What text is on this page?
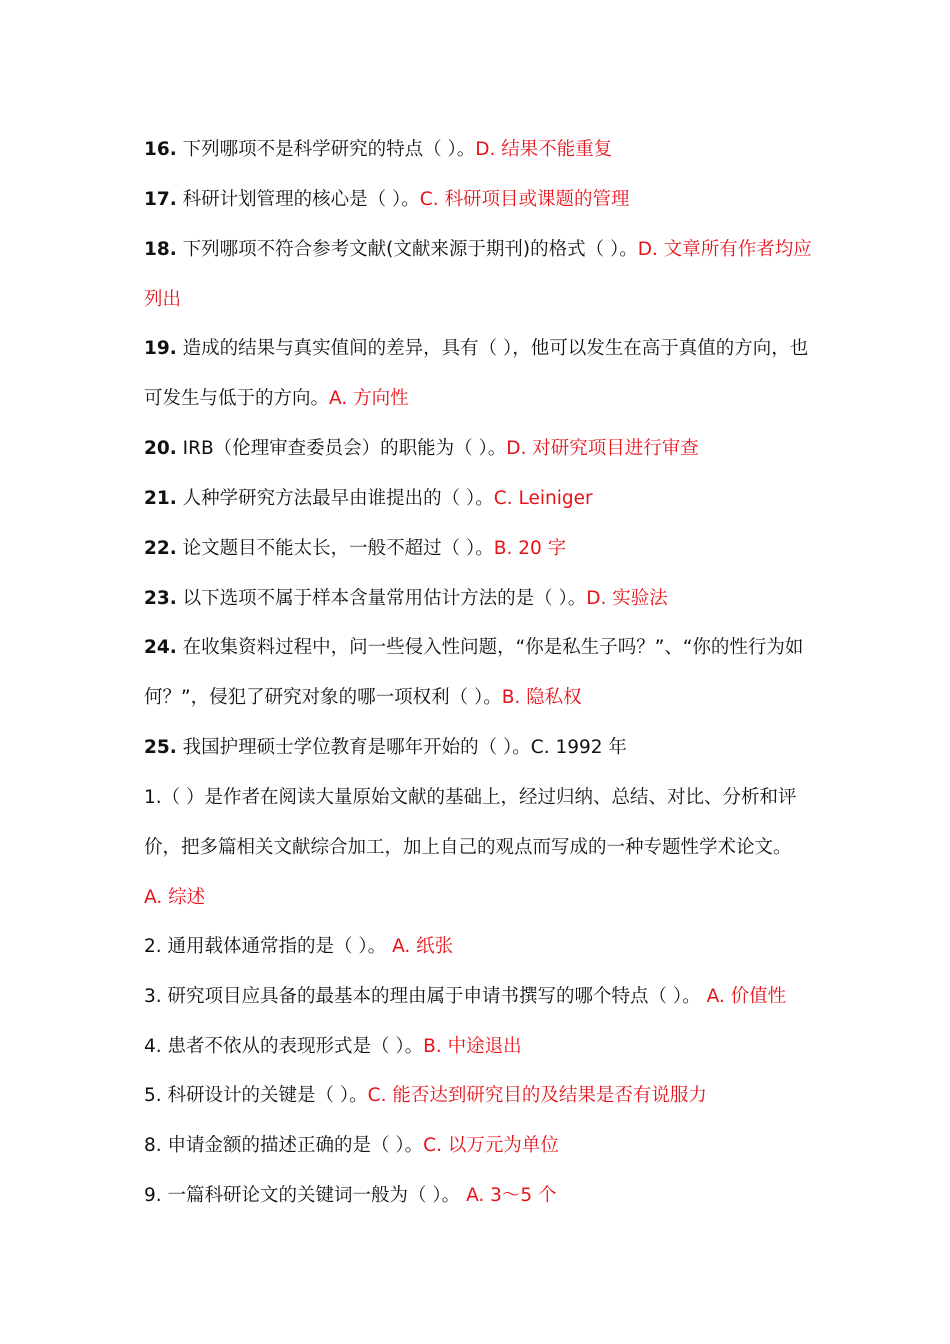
16. 下列哪项不是科学研究的特点（ ）。D. 结果不能重复
17. 科研计划管理的核心是（ ）。C. 科研项目或课题的管理
18. 下列哪项不符合参考文献(文献来源于期刊)的格式（ ）。D. 文章所有作者均应列出
19. 造成的结果与真实值间的差异，具有（ ），他可以发生在高于真值的方向，也可发生与低于的方向。A. 方向性
20. IRB（伦理审查委员会）的职能为（ ）。D. 对研究项目进行审查
21. 人种学研究方法最早由谁提出的（ ）。C. Leiniger
22. 论文题目不能太长，一般不超过（ ）。B. 20 字
23. 以下选项不属于样本含量常用估计方法的是（ ）。D. 实验法
24. 在收集资料过程中，问一些侵入性问题，“你是私生子吗？”、“你的性行为如何？”，侵犯了研究对象的哪一项权利（ ）。B. 隐私权
25. 我国护理硕士学位教育是哪年开始的（ ）。C. 1992 年
1.（ ）是作者在阅读大量原始文献的基础上，经过归纳、总结、对比、分析和评价，把多篇相关文献综合加工，加上自己的观点而写成的一种专题性学术论文。 A. 综述
2. 通用载体通常指的是（ ）。 A. 纸张
3. 研究项目应具备的最基本的理由属于申请书撰写的哪个特点（ ）。 A. 价值性
4. 患者不依从的表现形式是（ ）。B. 中途退出
5. 科研设计的关键是（ ）。C. 能否达到研究目的及结果是否有说服力
8. 申请金额的描述正确的是（ ）。C. 以万元为单位
9. 一篇科研论文的关键词一般为（ ）。 A. 3～5 个
